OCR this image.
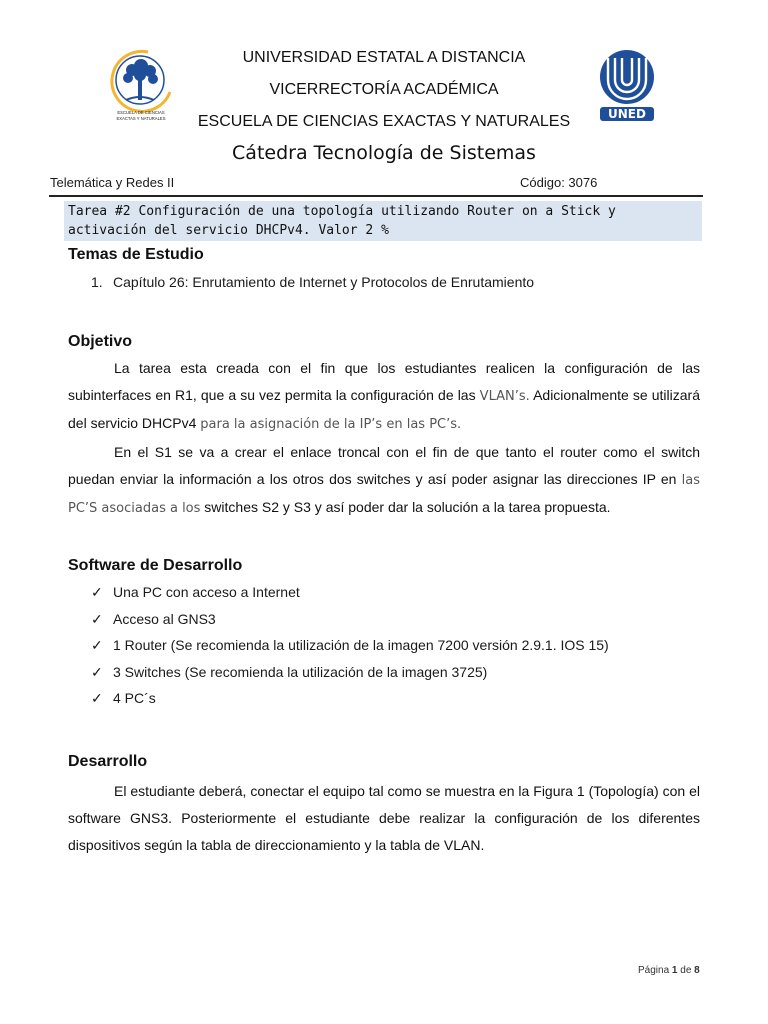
ESCUELA DE CIENCIAS
EXACTAS Y NATURALES	UNED
UNIVERSIDAD ESTATAL A DISTANCIA
VICERRECTORÍA ACADÉMICA
ESCUELA DE CIENCIAS EXACTAS Y NATURALES
Cátedra Tecnología de Sistemas
Telemática y Redes II	Código: 3076
Tarea #2 Configuración de una topología utilizando Router on a Stick y
activación del servicio DHCPv4. Valor 2 %
Temas de Estudio
1. Capítulo 26: Enrutamiento de Internet y Protocolos de Enrutamiento
Objetivo
La tarea esta creada con el fin que los estudiantes realicen la configuración de las subinterfaces en R1, que a su vez permita la configuración de las VLAN’s. Adicionalmente se utilizará del servicio DHCPv4 para la asignación de la IP’s en las PC’s.
En el S1 se va a crear el enlace troncal con el fin de que tanto el router como el switch puedan enviar la información a los otros dos switches y así poder asignar las direcciones IP en las PC’S asociadas a los switches S2 y S3 y así poder dar la solución a la tarea propuesta.
Software de Desarrollo
✓ Una PC con acceso a Internet
✓ Acceso al GNS3
✓ 1 Router (Se recomienda la utilización de la imagen 7200 versión 2.9.1. IOS 15)
✓ 3 Switches (Se recomienda la utilización de la imagen 3725)
✓ 4 PC´s
Desarrollo
El estudiante deberá, conectar el equipo tal como se muestra en la Figura 1 (Topología) con el software GNS3. Posteriormente el estudiante debe realizar la configuración de los diferentes dispositivos según la tabla de direccionamiento y la tabla de VLAN.
Página 1 de 8
